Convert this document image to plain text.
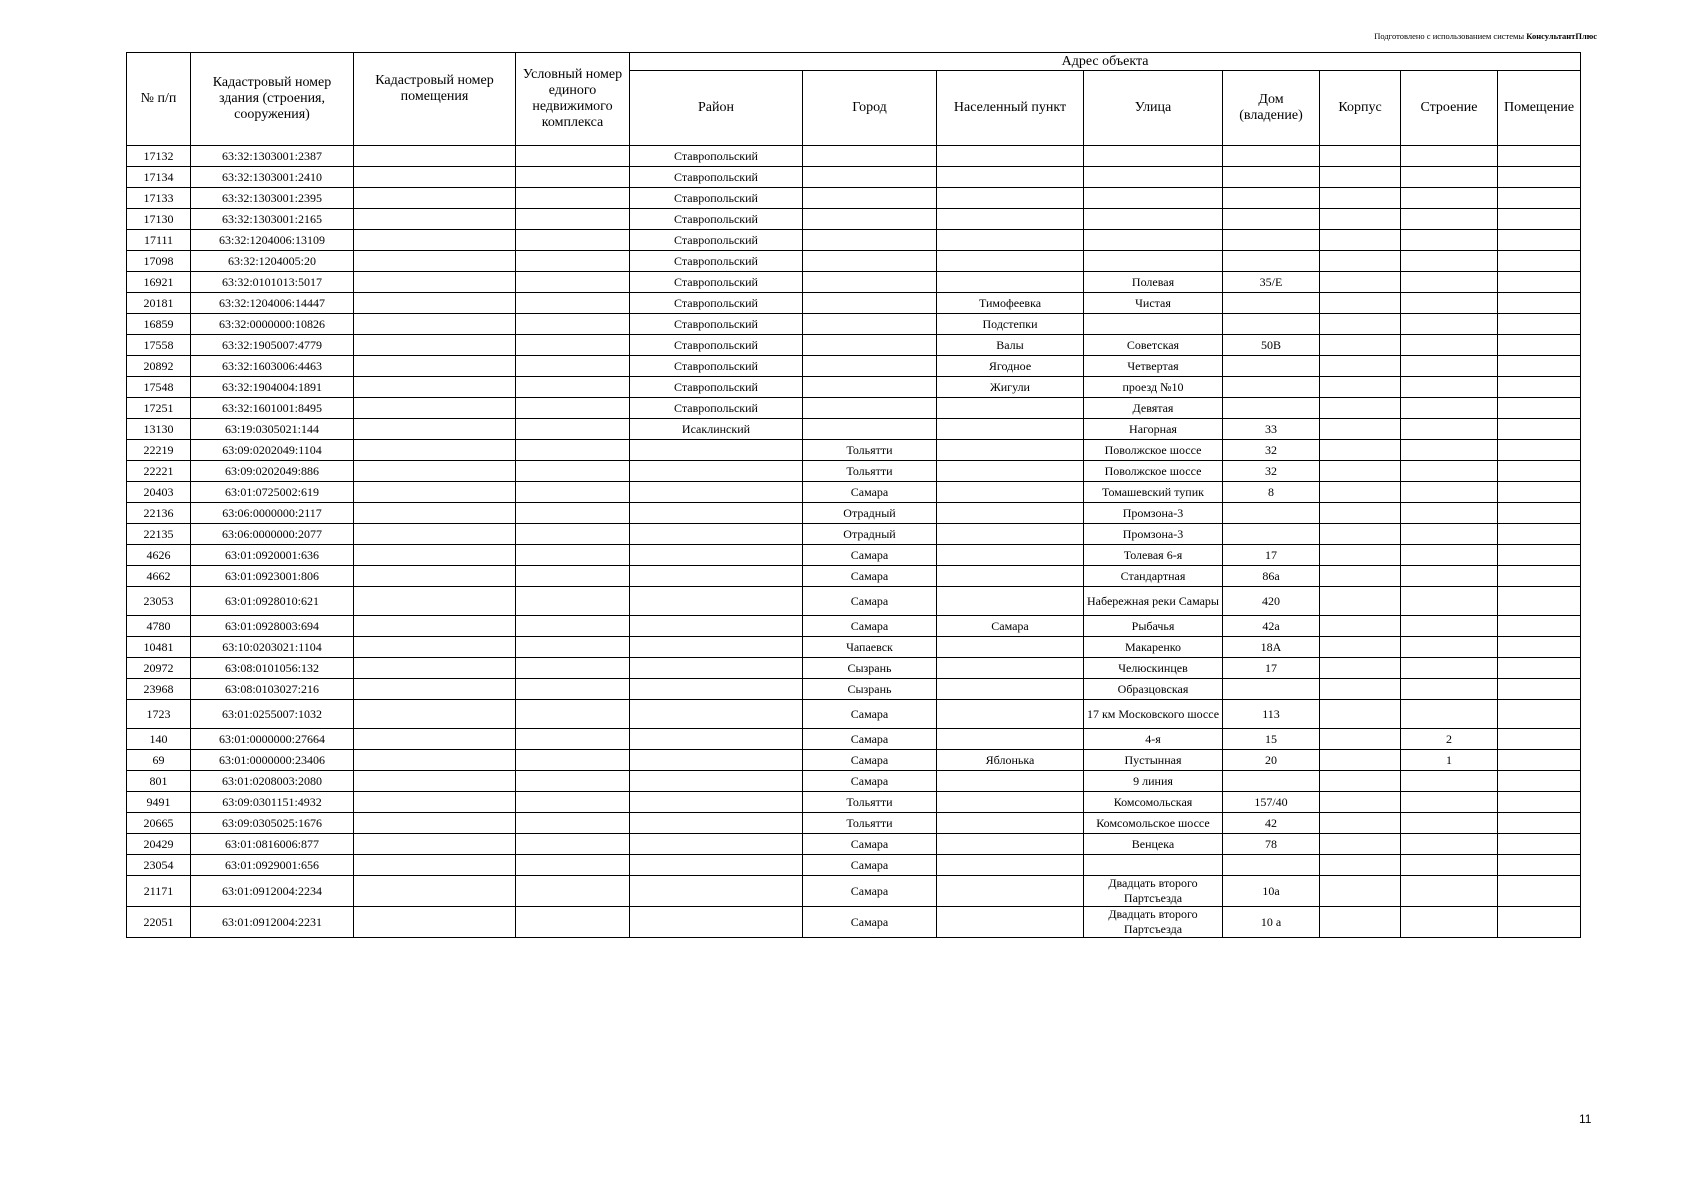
Подготовлено с использованием системы КонсультантПлюс
№ п/п	Кадастровый номер здания (строения, сооружения)	Кадастровый номер помещения	Условный номер единого недвижимого комплекса	Адрес объекта							
				Район	Город	Населенный пункт	Улица	Дом (владение)	Корпус	Строение	Помещение
17132	63:32:1303001:2387			Ставропольский							
17134	63:32:1303001:2410			Ставропольский							
17133	63:32:1303001:2395			Ставропольский							
17130	63:32:1303001:2165			Ставропольский							
17111	63:32:1204006:13109			Ставропольский							
17098	63:32:1204005:20			Ставропольский							
16921	63:32:0101013:5017			Ставропольский			Полевая	35/Е			
20181	63:32:1204006:14447			Ставропольский		Тимофеевка	Чистая				
16859	63:32:0000000:10826			Ставропольский		Подстепки					
17558	63:32:1905007:4779			Ставропольский		Валы	Советская	50В			
20892	63:32:1603006:4463			Ставропольский		Ягодное	Четвертая				
17548	63:32:1904004:1891			Ставропольский		Жигули	проезд №10				
17251	63:32:1601001:8495			Ставропольский			Девятая				
13130	63:19:0305021:144			Исаклинский			Нагорная	33			
22219	63:09:0202049:1104				Тольятти		Поволжское шоссе	32			
22221	63:09:0202049:886				Тольятти		Поволжское шоссе	32			
20403	63:01:0725002:619				Самара		Томашевский тупик	8			
22136	63:06:0000000:2117				Отрадный		Промзона-3				
22135	63:06:0000000:2077				Отрадный		Промзона-3				
4626	63:01:0920001:636				Самара		Толевая 6-я	17			
4662	63:01:0923001:806				Самара		Стандартная	86а			
23053	63:01:0928010:621				Самара		Набережная реки Самары	420			
4780	63:01:0928003:694				Самара	Самара	Рыбачья	42а			
10481	63:10:0203021:1104				Чапаевск		Макаренко	18А			
20972	63:08:0101056:132				Сызрань		Челюскинцев	17			
23968	63:08:0103027:216				Сызрань		Образцовская				
1723	63:01:0255007:1032				Самара		17 км Московского шоссе	113			
140	63:01:0000000:27664				Самара		4-я	15		2	
69	63:01:0000000:23406				Самара	Яблонька	Пустынная	20		1	
801	63:01:0208003:2080				Самара		9 линия				
9491	63:09:0301151:4932				Тольятти		Комсомольская	157/40			
20665	63:09:0305025:1676				Тольятти		Комсомольское шоссе	42			
20429	63:01:0816006:877				Самара		Венцека	78			
23054	63:01:0929001:656				Самара						
21171	63:01:0912004:2234				Самара		Двадцать второго Партсъезда	10а			
22051	63:01:0912004:2231				Самара		Двадцать второго Партсъезда	10 а			
11
